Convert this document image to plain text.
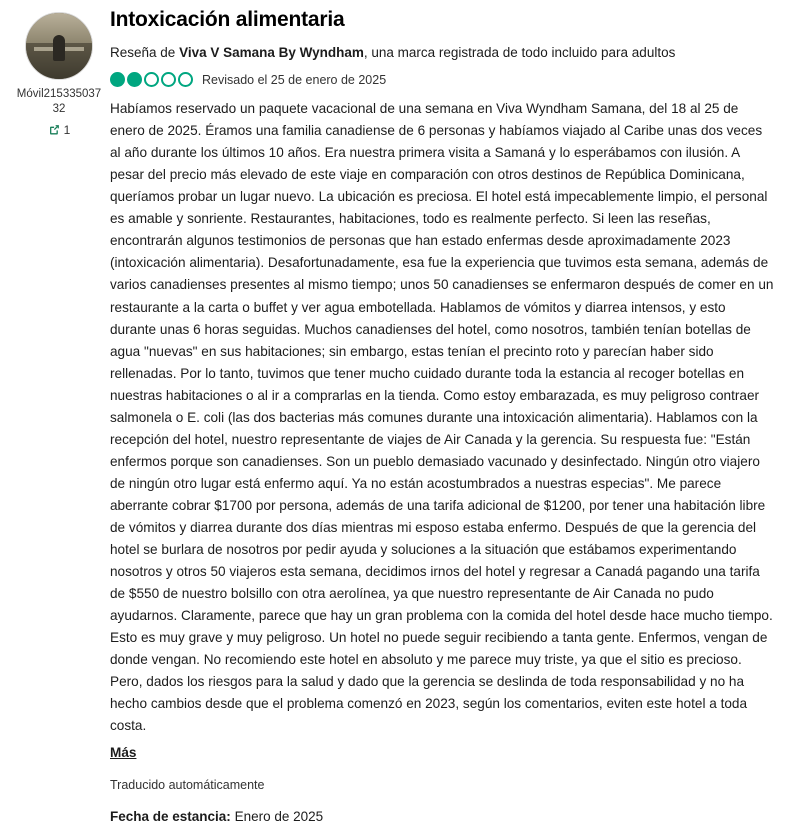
Móvil21533503732
1
Intoxicación alimentaria
Reseña de Viva V Samana By Wyndham, una marca registrada de todo incluido para adultos
Revisado el 25 de enero de 2025
Habíamos reservado un paquete vacacional de una semana en Viva Wyndham Samana, del 18 al 25 de enero de 2025. Éramos una familia canadiense de 6 personas y habíamos viajado al Caribe unas dos veces al año durante los últimos 10 años. Era nuestra primera visita a Samaná y lo esperábamos con ilusión. A pesar del precio más elevado de este viaje en comparación con otros destinos de República Dominicana, queríamos probar un lugar nuevo. La ubicación es preciosa. El hotel está impecablemente limpio, el personal es amable y sonriente. Restaurantes, habitaciones, todo es realmente perfecto. Si leen las reseñas, encontrarán algunos testimonios de personas que han estado enfermas desde aproximadamente 2023 (intoxicación alimentaria). Desafortunadamente, esa fue la experiencia que tuvimos esta semana, además de varios canadienses presentes al mismo tiempo; unos 50 canadienses se enfermaron después de comer en un restaurante a la carta o buffet y ver agua embotellada. Hablamos de vómitos y diarrea intensos, y esto durante unas 6 horas seguidas. Muchos canadienses del hotel, como nosotros, también tenían botellas de agua "nuevas" en sus habitaciones; sin embargo, estas tenían el precinto roto y parecían haber sido rellenadas. Por lo tanto, tuvimos que tener mucho cuidado durante toda la estancia al recoger botellas en nuestras habitaciones o al ir a comprarlas en la tienda. Como estoy embarazada, es muy peligroso contraer salmonela o E. coli (las dos bacterias más comunes durante una intoxicación alimentaria). Hablamos con la recepción del hotel, nuestro representante de viajes de Air Canada y la gerencia. Su respuesta fue: "Están enfermos porque son canadienses. Son un pueblo demasiado vacunado y desinfectado. Ningún otro viajero de ningún otro lugar está enfermo aquí. Ya no están acostumbrados a nuestras especias". Me parece aberrante cobrar $1700 por persona, además de una tarifa adicional de $1200, por tener una habitación libre de vómitos y diarrea durante dos días mientras mi esposo estaba enfermo. Después de que la gerencia del hotel se burlara de nosotros por pedir ayuda y soluciones a la situación que estábamos experimentando nosotros y otros 50 viajeros esta semana, decidimos irnos del hotel y regresar a Canadá pagando una tarifa de $550 de nuestro bolsillo con otra aerolínea, ya que nuestro representante de Air Canada no pudo ayudarnos. Claramente, parece que hay un gran problema con la comida del hotel desde hace mucho tiempo. Esto es muy grave y muy peligroso. Un hotel no puede seguir recibiendo a tanta gente. Enfermos, vengan de donde vengan. No recomiendo este hotel en absoluto y me parece muy triste, ya que el sitio es precioso. Pero, dados los riesgos para la salud y dado que la gerencia se deslinda de toda responsabilidad y no ha hecho cambios desde que el problema comenzó en 2023, según los comentarios, eviten este hotel a toda costa.
Más
Traducido automáticamente
Fecha de estancia: Enero de 2025
